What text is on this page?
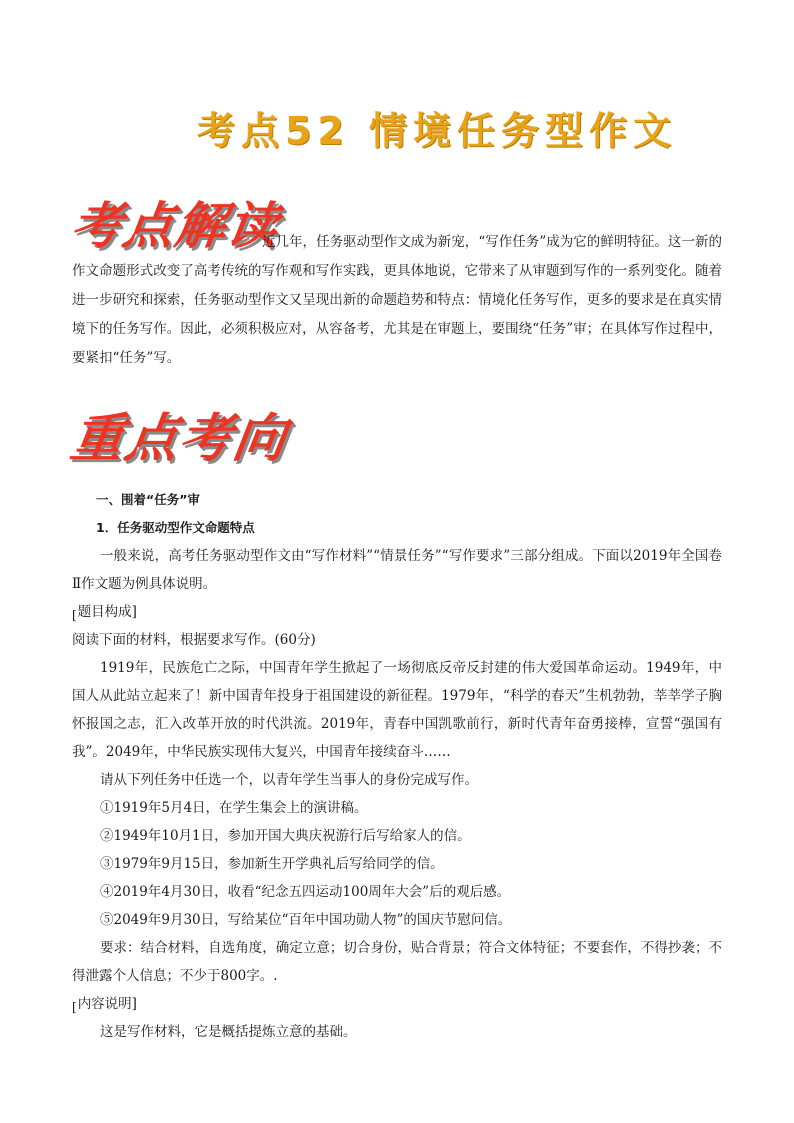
考点52 情境任务型作文
考点解读
近几年，任务驱动型作文成为新宠，“写作任务”成为它的鲜明特征。这一新的作文命题形式改变了高考传统的写作观和写作实践，更具体地说，它带来了从审题到写作的一系列变化。随着进一步研究和探索，任务驱动型作文又呈现出新的命题趋势和特点：情境化任务写作，更多的要求是在真实情境下的任务写作。因此，必须积极应对，从容备考，尤其是在审题上，要围绕“任务”审；在具体写作过程中，要紧扣“任务”写。
重点考向

一、围着“任务”审

1．任务驱动型作文命题特点

一般来说，高考任务驱动型作文由“写作材料”“情景任务”“写作要求”三部分组成。下面以2019年全国卷Ⅱ作文题为例具体说明。

[ 题目构成]

阅读下面的材料，根据要求写作。(60分)

1919年，民族危亡之际，中国青年学生掀起了一场彻底反帝反封建的伟大爱国革命运动。1949年，中国人从此站立起来了！新中国青年投身于祖国建设的新征程。1979年，“科学的春天”生机勃勃，莘莘学子胸怀报国之志，汇入改革开放的时代洪流。2019年，青春中国凯歌前行，新时代青年奋勇接棒，宣誓“强国有我”。2049年，中华民族实现伟大复兴，中国青年接续奋斗……

请从下列任务中任选一个，以青年学生当事人的身份完成写作。

①1919年5月4日，在学生集会上的演讲稿。

②1949年10月1日，参加开国大典庆祝游行后写给家人的信。

③1979年9月15日，参加新生开学典礼后写给同学的信。

④2019年4月30日，收看“纪念五四运动100周年大会”后的观后感。

⑤2049年9月30日，写给某位“百年中国功勋人物”的国庆节慰问信。

要求：结合材料，自选角度，确定立意；切合身份，贴合背景；符合文体特征；不要套作，不得抄袭；不得泄露个人信息；不少于800字。.

[ 内容说明]

这是写作材料，它是概括提炼立意的基础。
